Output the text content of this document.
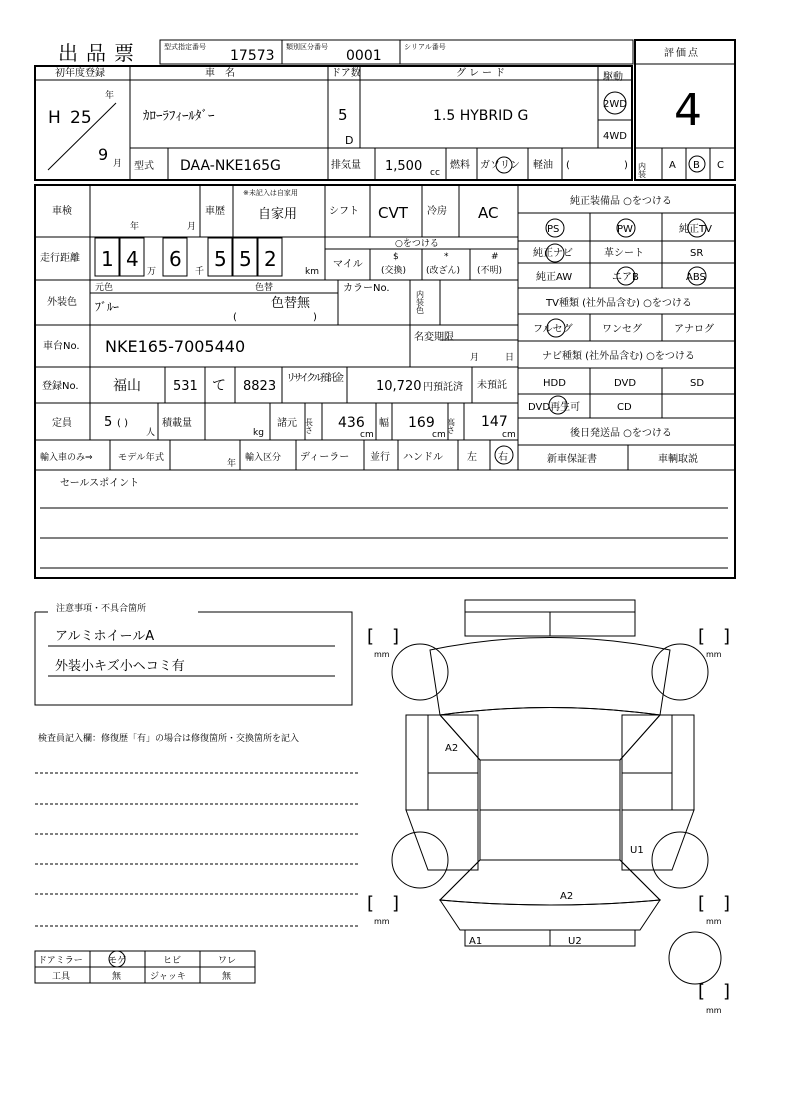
出品票	型式指定番号
17573
類別区分番号
0001
シリアル番号
評価点
4
初年度登録
H 25
年
9 月
車　名
ｶﾛｰﾗﾌｨｰﾙﾀﾞｰ
ドア数
5
D
グレード
1.5 HYBRID G
駆動
2WD
4WD
型式 DAA-NKE165G	排気量 1,500 cc
燃料 ガソリン 軽油 (	) 内装 A B C
車検
年	月
車歴
※未記入は自家用
自家用	シフト CVT 冷房 AC
走行距離 1 4
万
6
千
5 5 2
km
○をつける
マイル
$
(交換)
*
(改ざん)
#
(不明)
外装色
元色
ﾌﾞﾙｰ
色替
色替無
(	)
カラーNo.
内装色
車台No. NKE165-7005440	名変期限
月	日
登録No. 福山 531 て 8823
リサイクル預託金
10,720 円預託済 未預託
定員 5 ( )
人
積載量
kg
諸元 長さ 436
cm
幅 169
cm
高さ 147
cm
輸入車のみ⇒	モデル年式
年
輸入区分 ディーラー 並行 ハンドル 左 右
純正装備品 ○をつける
PS	PW	純正TV
純正ナビ	革シート	SR
純正AW	エアB	ABS
TV種類 (社外品含む) ○をつける
フルセグ	ワンセグ	アナログ
ナビ種類 (社外品含む) ○をつける
HDD	DVD	SD
DVD再生可	CD
後日発送品 ○をつける
新車保証書	車輌取説
セールスポイント
注意事項・不具合箇所
アルミホイールA
外装小キズ小ヘコミ有
検査員記入欄：修復歴「有」の場合は修復箇所・交換箇所を記入
ドアミラー	モゲ	ヒビ	ワレ
工具	無	ジャッキ	無
[ ]
mm
[ ]
mm
[ ]
mm
[ ]
mm
[ ]
mm
A2
U1
A2
A1	U2
